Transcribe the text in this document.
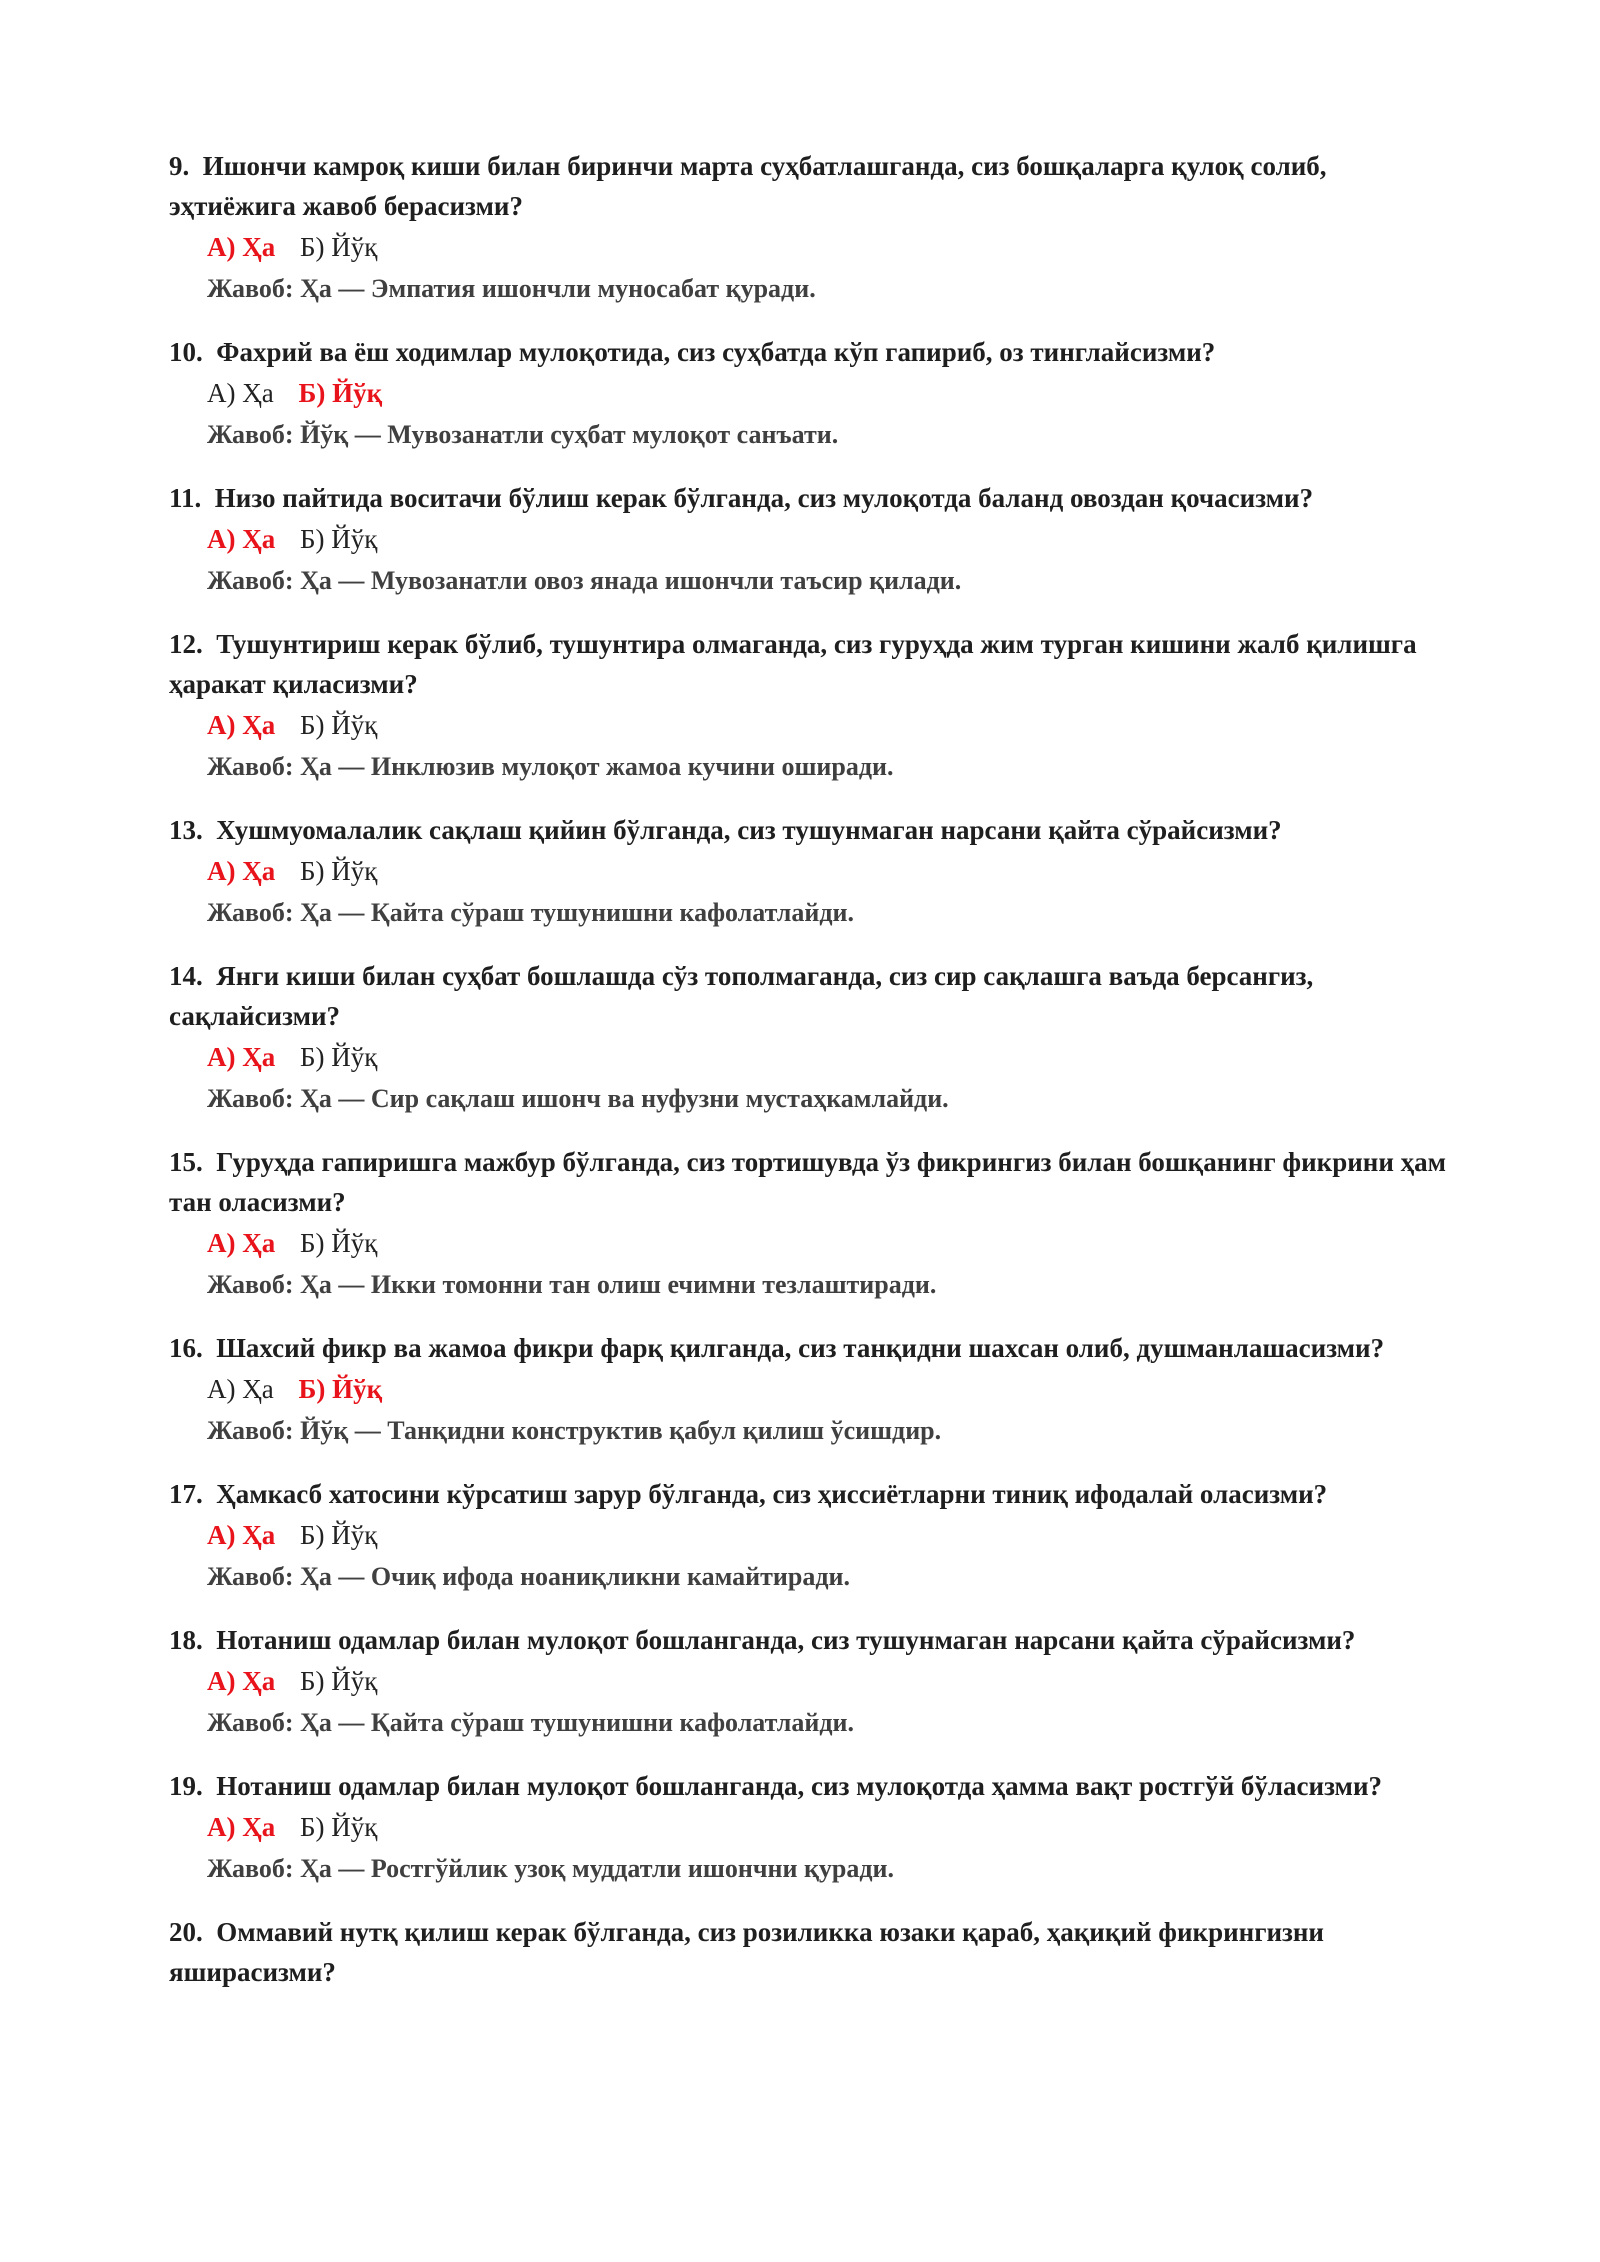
9. Ишончи камроқ киши билан биринчи марта суҳбатлашганда, сиз бошқаларга қулоқ солиб, эҳтиёжига жавоб берасизми?
А) Ҳа Б) Йўқ
Жавоб: Ҳа — Эмпатия ишончли муносабат қуради.
10. Фахрий ва ёш ходимлар мулоқотида, сиз суҳбатда кўп гапириб, оз тинглайсизми?
А) Ҳа Б) Йўқ
Жавоб: Йўқ — Мувозанатли суҳбат мулоқот санъати.
11. Низо пайтида воситачи бўлиш керак бўлганда, сиз мулоқотда баланд овоздан қочасизми?
А) Ҳа Б) Йўқ
Жавоб: Ҳа — Мувозанатли овоз янада ишончли таъсир қилади.
12. Тушунтириш керак бўлиб, тушунтира олмаганда, сиз гуруҳда жим турган кишини жалб қилишга ҳаракат қиласизми?
А) Ҳа Б) Йўқ
Жавоб: Ҳа — Инклюзив мулоқот жамоа кучини оширади.
13. Хушмуомалалик сақлаш қийин бўлганда, сиз тушунмаган нарсани қайта сўрайсизми?
А) Ҳа Б) Йўқ
Жавоб: Ҳа — Қайта сўраш тушунишни кафолатлайди.
14. Янги киши билан суҳбат бошлашда сўз тополмаганда, сиз сир сақлашга ваъда берсангиз, сақлайсизми?
А) Ҳа Б) Йўқ
Жавоб: Ҳа — Сир сақлаш ишонч ва нуфузни мустаҳкамлайди.
15. Гуруҳда гапиришга мажбур бўлганда, сиз тортишувда ўз фикрингиз билан бошқанинг фикрини ҳам тан оласизми?
А) Ҳа Б) Йўқ
Жавоб: Ҳа — Икки томонни тан олиш ечимни тезлаштиради.
16. Шахсий фикр ва жамоа фикри фарқ қилганда, сиз танқидни шахсан олиб, душманлашасизми?
А) Ҳа Б) Йўқ
Жавоб: Йўқ — Танқидни конструктив қабул қилиш ўсишдир.
17. Ҳамкасб хатосини кўрсатиш зарур бўлганда, сиз ҳиссиётларни тиниқ ифодалай оласизми?
А) Ҳа Б) Йўқ
Жавоб: Ҳа — Очиқ ифода ноаниқликни камайтиради.
18. Нотаниш одамлар билан мулоқот бошланганда, сиз тушунмаган нарсани қайта сўрайсизми?
А) Ҳа Б) Йўқ
Жавоб: Ҳа — Қайта сўраш тушунишни кафолатлайди.
19. Нотаниш одамлар билан мулоқот бошланганда, сиз мулоқотда ҳамма вақт ростгўй бўласизми?
А) Ҳа Б) Йўқ
Жавоб: Ҳа — Ростгўйлик узоқ муддатли ишончни қуради.
20. Оммавий нутқ қилиш керак бўлганда, сиз розиликка юзаки қараб, ҳақиқий фикрингизни яширасизми?
